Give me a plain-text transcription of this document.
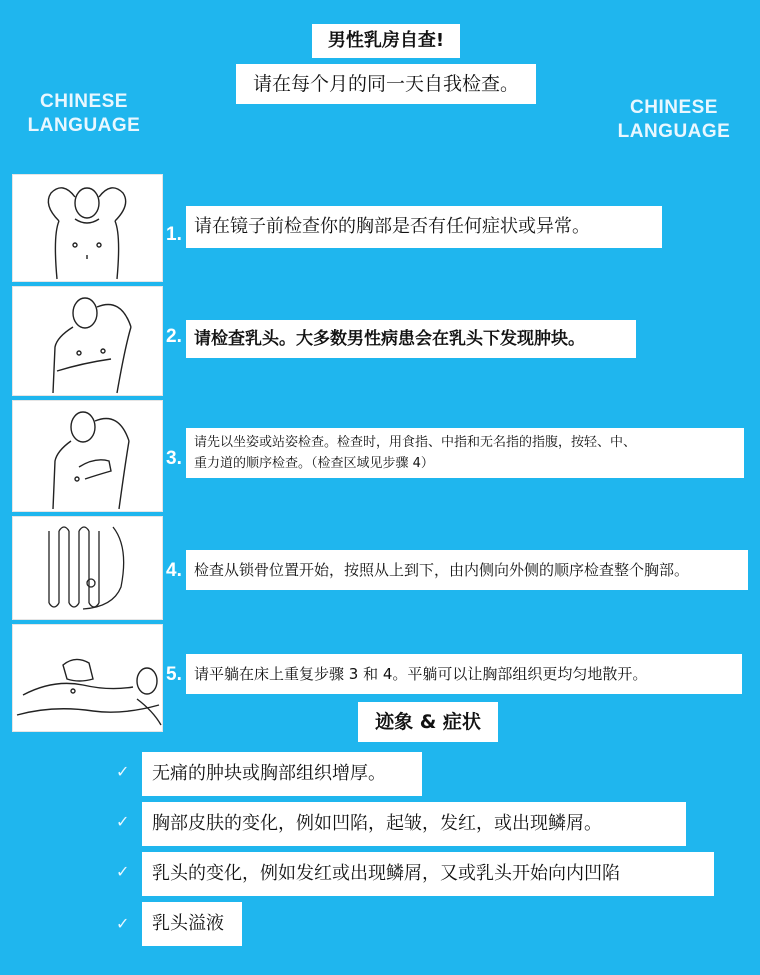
男性乳房自查!
请在每个月的同一天自我检查。
CHINESE
LANGUAGE
CHINESE
LANGUAGE
1. 请在镜子前检查你的胸部是否有任何症状或异常。
2. 请检查乳头。大多数男性病患会在乳头下发现肿块。
3.
请先以坐姿或站姿检查。检查时，用食指、中指和无名指的指腹，按轻、中、
重力道的顺序检查。（检查区域见步骤 4）
4. 检查从锁骨位置开始，按照从上到下，由内侧向外侧的顺序检查整个胸部。
5. 请平躺在床上重复步骤 3 和 4。平躺可以让胸部组织更均匀地散开。
迹象 & 症状
✓	无痛的肿块或胸部组织增厚。
✓	胸部皮肤的变化，例如凹陷，起皱，发红，或出现鳞屑。
✓	乳头的变化，例如发红或出现鳞屑，又或乳头开始向内凹陷
✓	乳头溢液
